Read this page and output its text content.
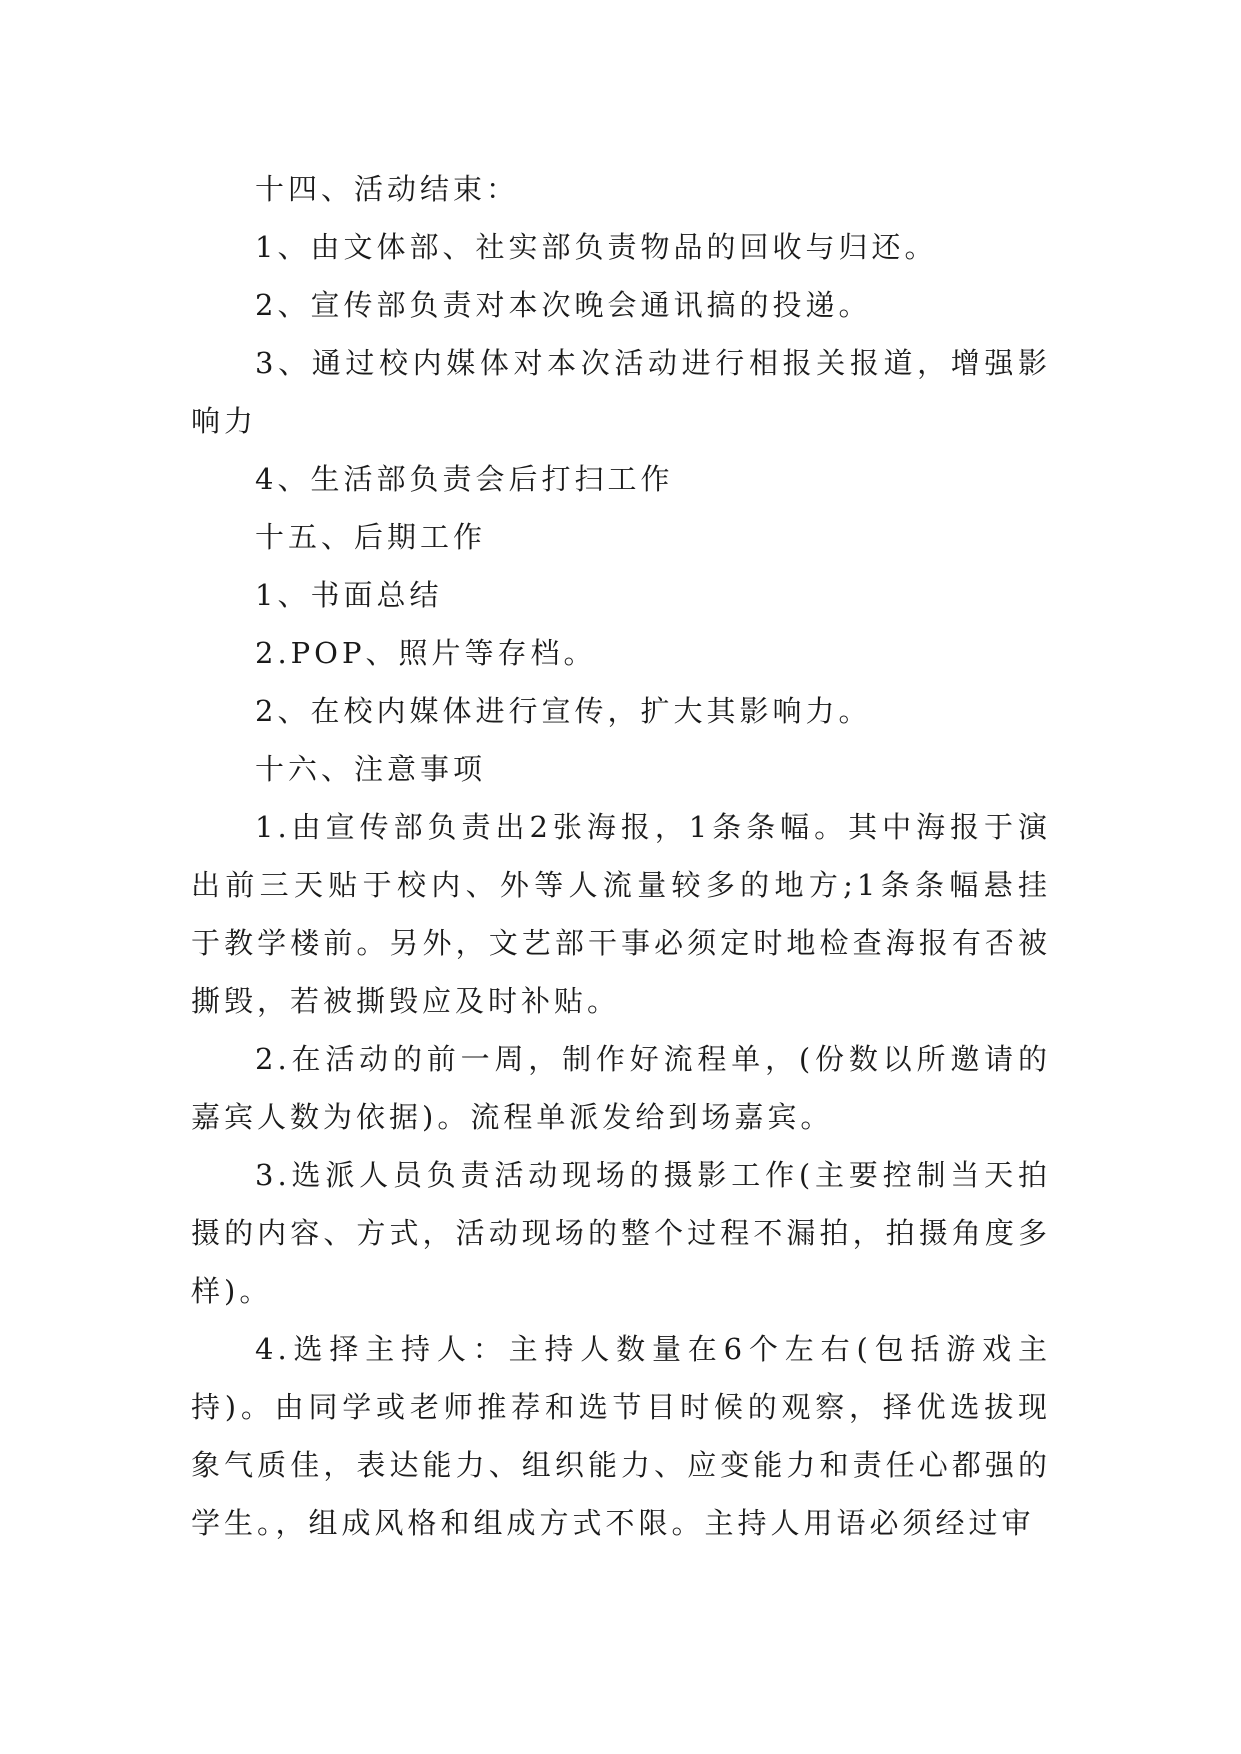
十四、活动结束：

1、由文体部、社实部负责物品的回收与归还。

2、宣传部负责对本次晚会通讯搞的投递。

3、通过校内媒体对本次活动进行相报关报道，增强影响力

4、生活部负责会后打扫工作

十五、后期工作

1、书面总结

2.POP、照片等存档。

2、在校内媒体进行宣传，扩大其影响力。

十六、注意事项

1.由宣传部负责出2张海报，1条条幅。其中海报于演出前三天贴于校内、外等人流量较多的地方;1条条幅悬挂于教学楼前。另外，文艺部干事必须定时地检查海报有否被撕毁，若被撕毁应及时补贴。

2.在活动的前一周，制作好流程单，(份数以所邀请的嘉宾人数为依据)。流程单派发给到场嘉宾。

3.选派人员负责活动现场的摄影工作(主要控制当天拍摄的内容、方式，活动现场的整个过程不漏拍，拍摄角度多样)。

4.选择主持人：主持人数量在6个左右(包括游戏主持)。由同学或老师推荐和选节目时候的观察，择优选拔现象气质佳，表达能力、组织能力、应变能力和责任心都强的学生。，组成风格和组成方式不限。主持人用语必须经过审
